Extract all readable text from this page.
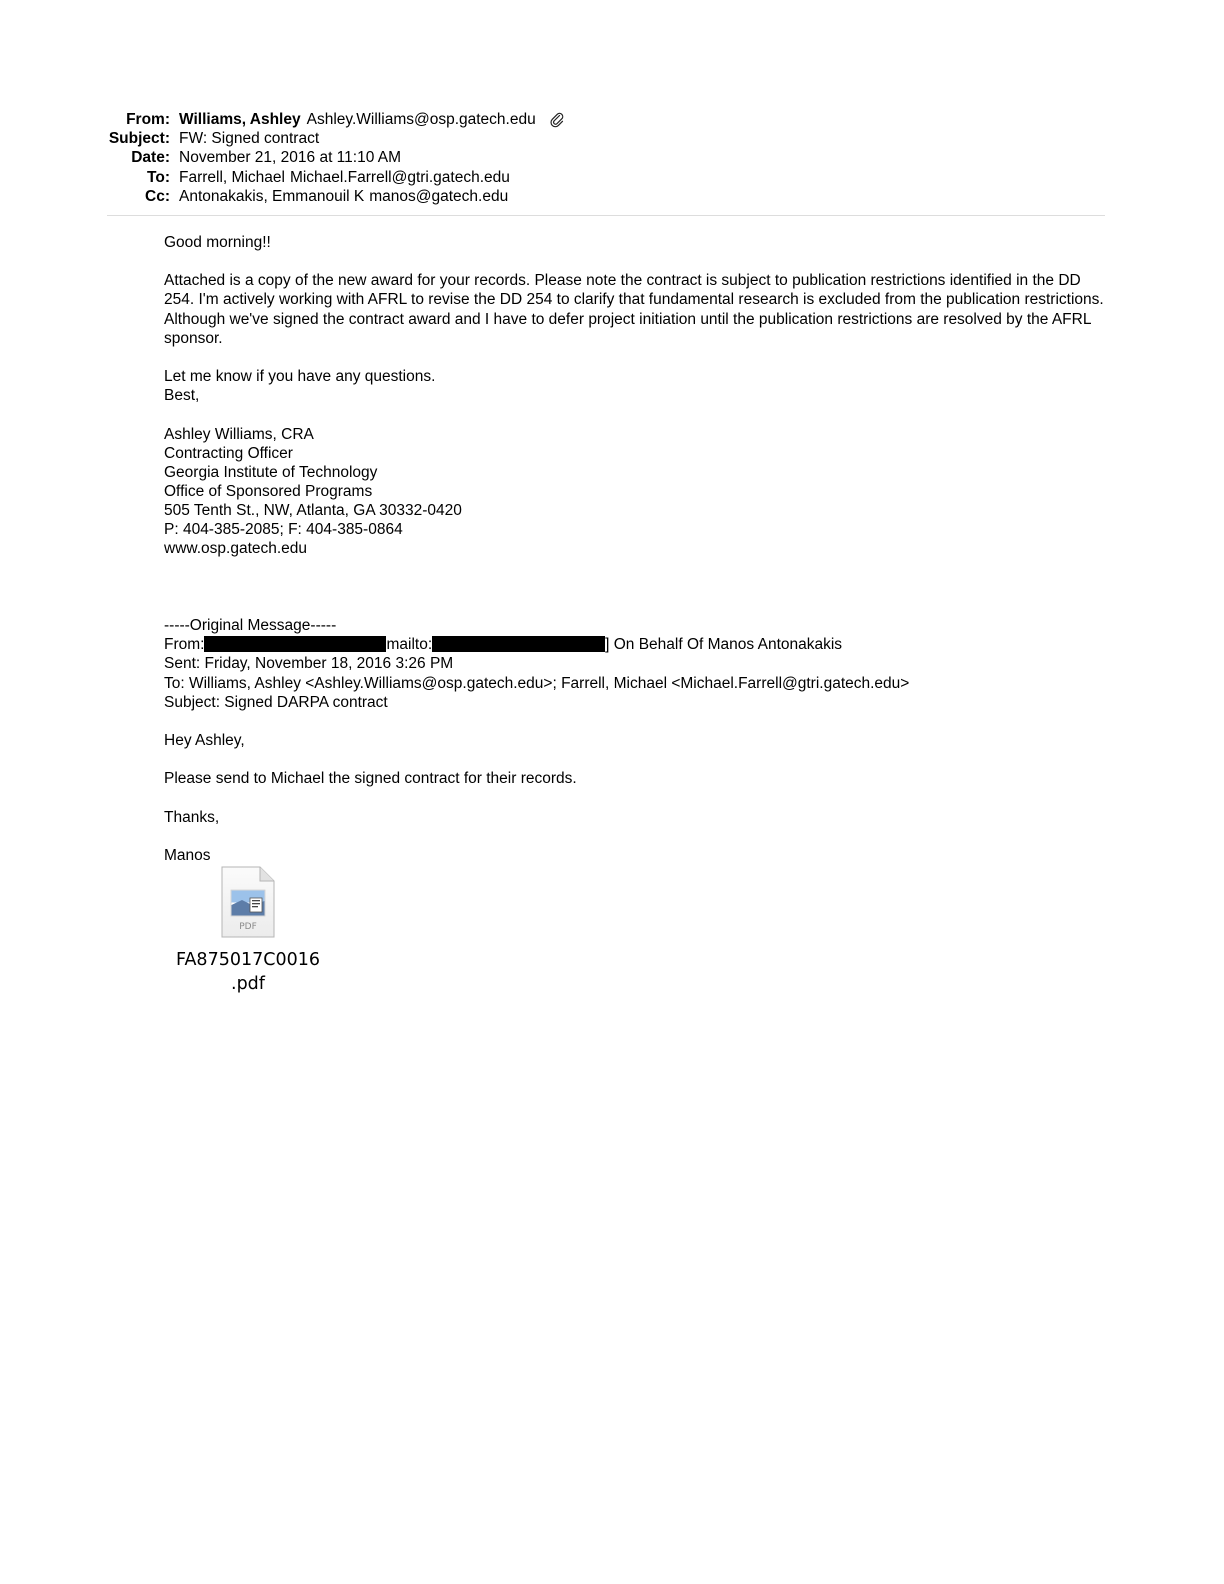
From: Williams, Ashley Ashley.Williams@osp.gatech.edu
Subject: FW: Signed contract
Date: November 21, 2016 at 11:10 AM
To: Farrell, Michael Michael.Farrell@gtri.gatech.edu
Cc: Antonakakis, Emmanouil K manos@gatech.edu

Good morning!!

Attached is a copy of the new award for your records. Please note the contract is subject to publication restrictions identified in the DD 254. I'm actively working with AFRL to revise the DD 254 to clarify that fundamental research is excluded from the publication restrictions. Although we've signed the contract award and I have to defer project initiation until the publication restrictions are resolved by the AFRL sponsor.

Let me know if you have any questions.

Best,

Ashley Williams, CRA

Contracting Officer

Georgia Institute of Technology

Office of Sponsored Programs

505 Tenth St., NW, Atlanta, GA 30332-0420

P: 404-385-2085; F: 404-385-0864

www.osp.gatech.edu

-----Original Message-----

From:	mailto:	] On Behalf Of Manos Antonakakis

Sent: Friday, November 18, 2016 3:26 PM

To: Williams, Ashley <Ashley.Williams@osp.gatech.edu>; Farrell, Michael <Michael.Farrell@gtri.gatech.edu>

Subject: Signed DARPA contract

Hey Ashley,

Please send to Michael the signed contract for their records.

Thanks,

Manos

PDF
FA875017C0016
.pdf
